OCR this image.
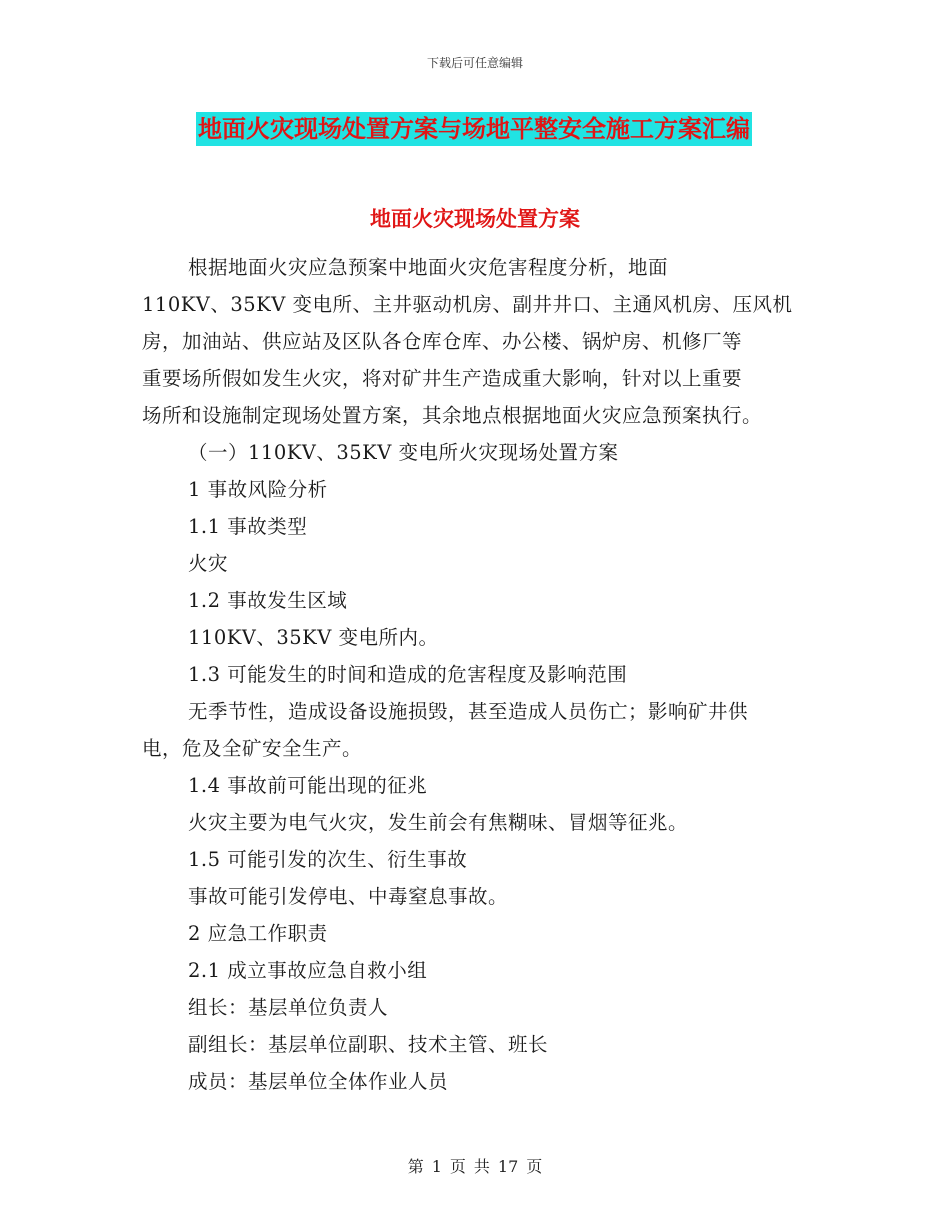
下载后可任意编辑
地面火灾现场处置方案与场地平整安全施工方案汇编
地面火灾现场处置方案
根据地面火灾应急预案中地面火灾危害程度分析，地面
110KV、35KV 变电所、主井驱动机房、副井井口、主通风机房、压风机
房，加油站、供应站及区队各仓库仓库、办公楼、锅炉房、机修厂等
重要场所假如发生火灾，将对矿井生产造成重大影响，针对以上重要
场所和设施制定现场处置方案，其余地点根据地面火灾应急预案执行。
（一）110KV、35KV 变电所火灾现场处置方案
1 事故风险分析
1.1 事故类型
火灾
1.2 事故发生区域
110KV、35KV 变电所内。
1.3 可能发生的时间和造成的危害程度及影响范围
无季节性，造成设备设施损毁，甚至造成人员伤亡；影响矿井供
电，危及全矿安全生产。
1.4 事故前可能出现的征兆
火灾主要为电气火灾，发生前会有焦糊味、冒烟等征兆。
1.5 可能引发的次生、衍生事故
事故可能引发停电、中毒窒息事故。
2 应急工作职责
2.1 成立事故应急自救小组
组长：基层单位负责人
副组长：基层单位副职、技术主管、班长
成员：基层单位全体作业人员
第 1 页 共 17 页
